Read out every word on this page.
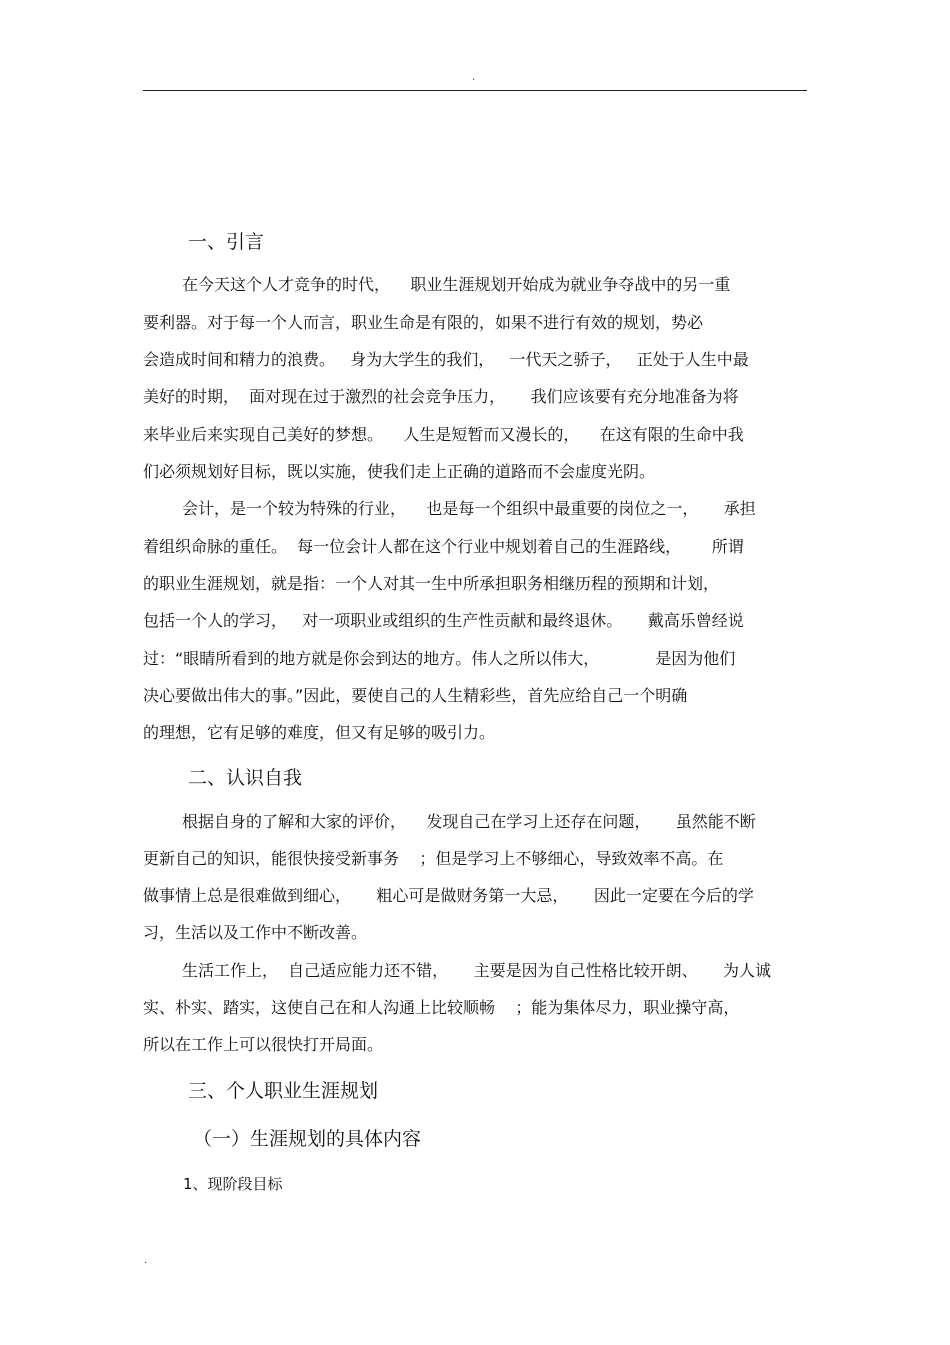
.
一、引言
在今天这个人才竞争的时代，    职业生涯规划开始成为就业争夺战中的另一重
要利器。对于每一个人而言，职业生命是有限的，如果不进行有效的规划，势必
会造成时间和精力的浪费。   身为大学生的我们，   一代天之骄子，   正处于人生中最
美好的时期，  面对现在过于激烈的社会竞争压力，     我们应该要有充分地准备为将
来毕业后来实现自己美好的梦想。    人生是短暂而又漫长的，    在这有限的生命中我
们必须规划好目标，既以实施，使我们走上正确的道路而不会虚度光阴。
会计，是一个较为特殊的行业，    也是每一个组织中最重要的岗位之一，     承担
着组织命脉的重任。  每一位会计人都在这个行业中规划着自己的生涯路线，      所谓
的职业生涯规划，就是指：一个人对其一生中所承担职务相继历程的预期和计划，
包括一个人的学习，   对一项职业或组织的生产性贡献和最终退休。     戴高乐曾经说
过：“眼睛所看到的地方就是你会到达的地方。伟人之所以伟大，           是因为他们
决心要做出伟大的事。”因此，要使自己的人生精彩些，首先应给自己一个明确
的理想，它有足够的难度，但又有足够的吸引力。
二、认识自我
根据自身的了解和大家的评价，    发现自己在学习上还存在问题，     虽然能不断
更新自己的知识，能很快接受新事务    ；但是学习上不够细心，导致效率不高。在
做事情上总是很难做到细心，     粗心可是做财务第一大忌，     因此一定要在今后的学
习，生活以及工作中不断改善。
生活工作上，  自己适应能力还不错，     主要是因为自己性格比较开朗、     为人诚
实、朴实、踏实，这使自己在和人沟通上比较顺畅    ；能为集体尽力，职业操守高，
所以在工作上可以很快打开局面。
三、个人职业生涯规划
（一）生涯规划的具体内容
1、现阶段目标
.
